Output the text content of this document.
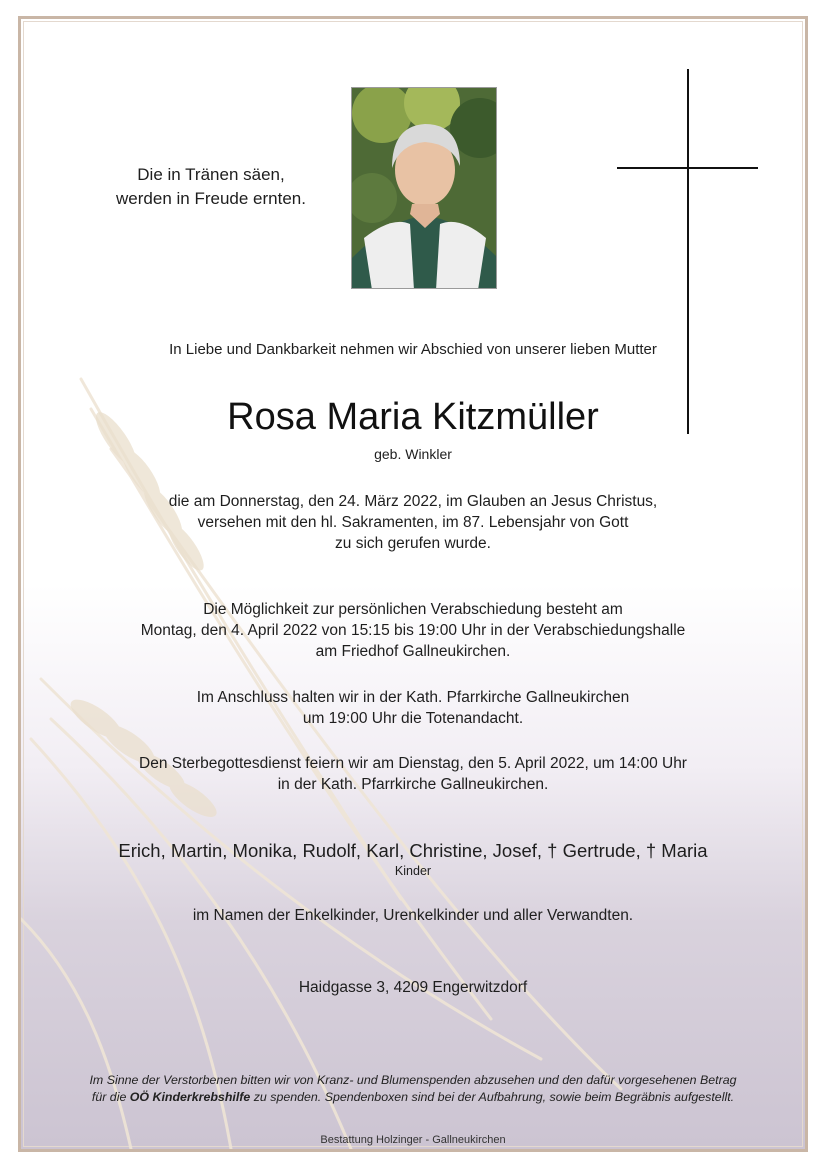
Die in Tränen säen,
werden in Freude ernten.
In Liebe und Dankbarkeit nehmen wir Abschied von unserer lieben Mutter
Rosa Maria Kitzmüller
geb. Winkler
die am Donnerstag, den 24. März 2022, im Glauben an Jesus Christus,
versehen mit den hl. Sakramenten, im 87. Lebensjahr von Gott
zu sich gerufen wurde.
Die Möglichkeit zur persönlichen Verabschiedung besteht am
Montag, den 4. April 2022 von 15:15 bis 19:00 Uhr in der Verabschiedungshalle
am Friedhof Gallneukirchen.
Im Anschluss halten wir in der Kath. Pfarrkirche Gallneukirchen
um 19:00 Uhr die Totenandacht.
Den Sterbegottesdienst feiern wir am Dienstag, den 5. April 2022, um 14:00 Uhr
in der Kath. Pfarrkirche Gallneukirchen.
Erich, Martin, Monika, Rudolf, Karl, Christine, Josef, † Gertrude, † Maria
Kinder
im Namen der Enkelkinder, Urenkelkinder und aller Verwandten.
Haidgasse 3, 4209 Engerwitzdorf
Im Sinne der Verstorbenen bitten wir von Kranz- und Blumenspenden abzusehen und den dafür vorgesehenen Betrag
für die OÖ Kinderkrebshilfe zu spenden. Spendenboxen sind bei der Aufbahrung, sowie beim Begräbnis aufgestellt.
Bestattung Holzinger - Gallneukirchen
